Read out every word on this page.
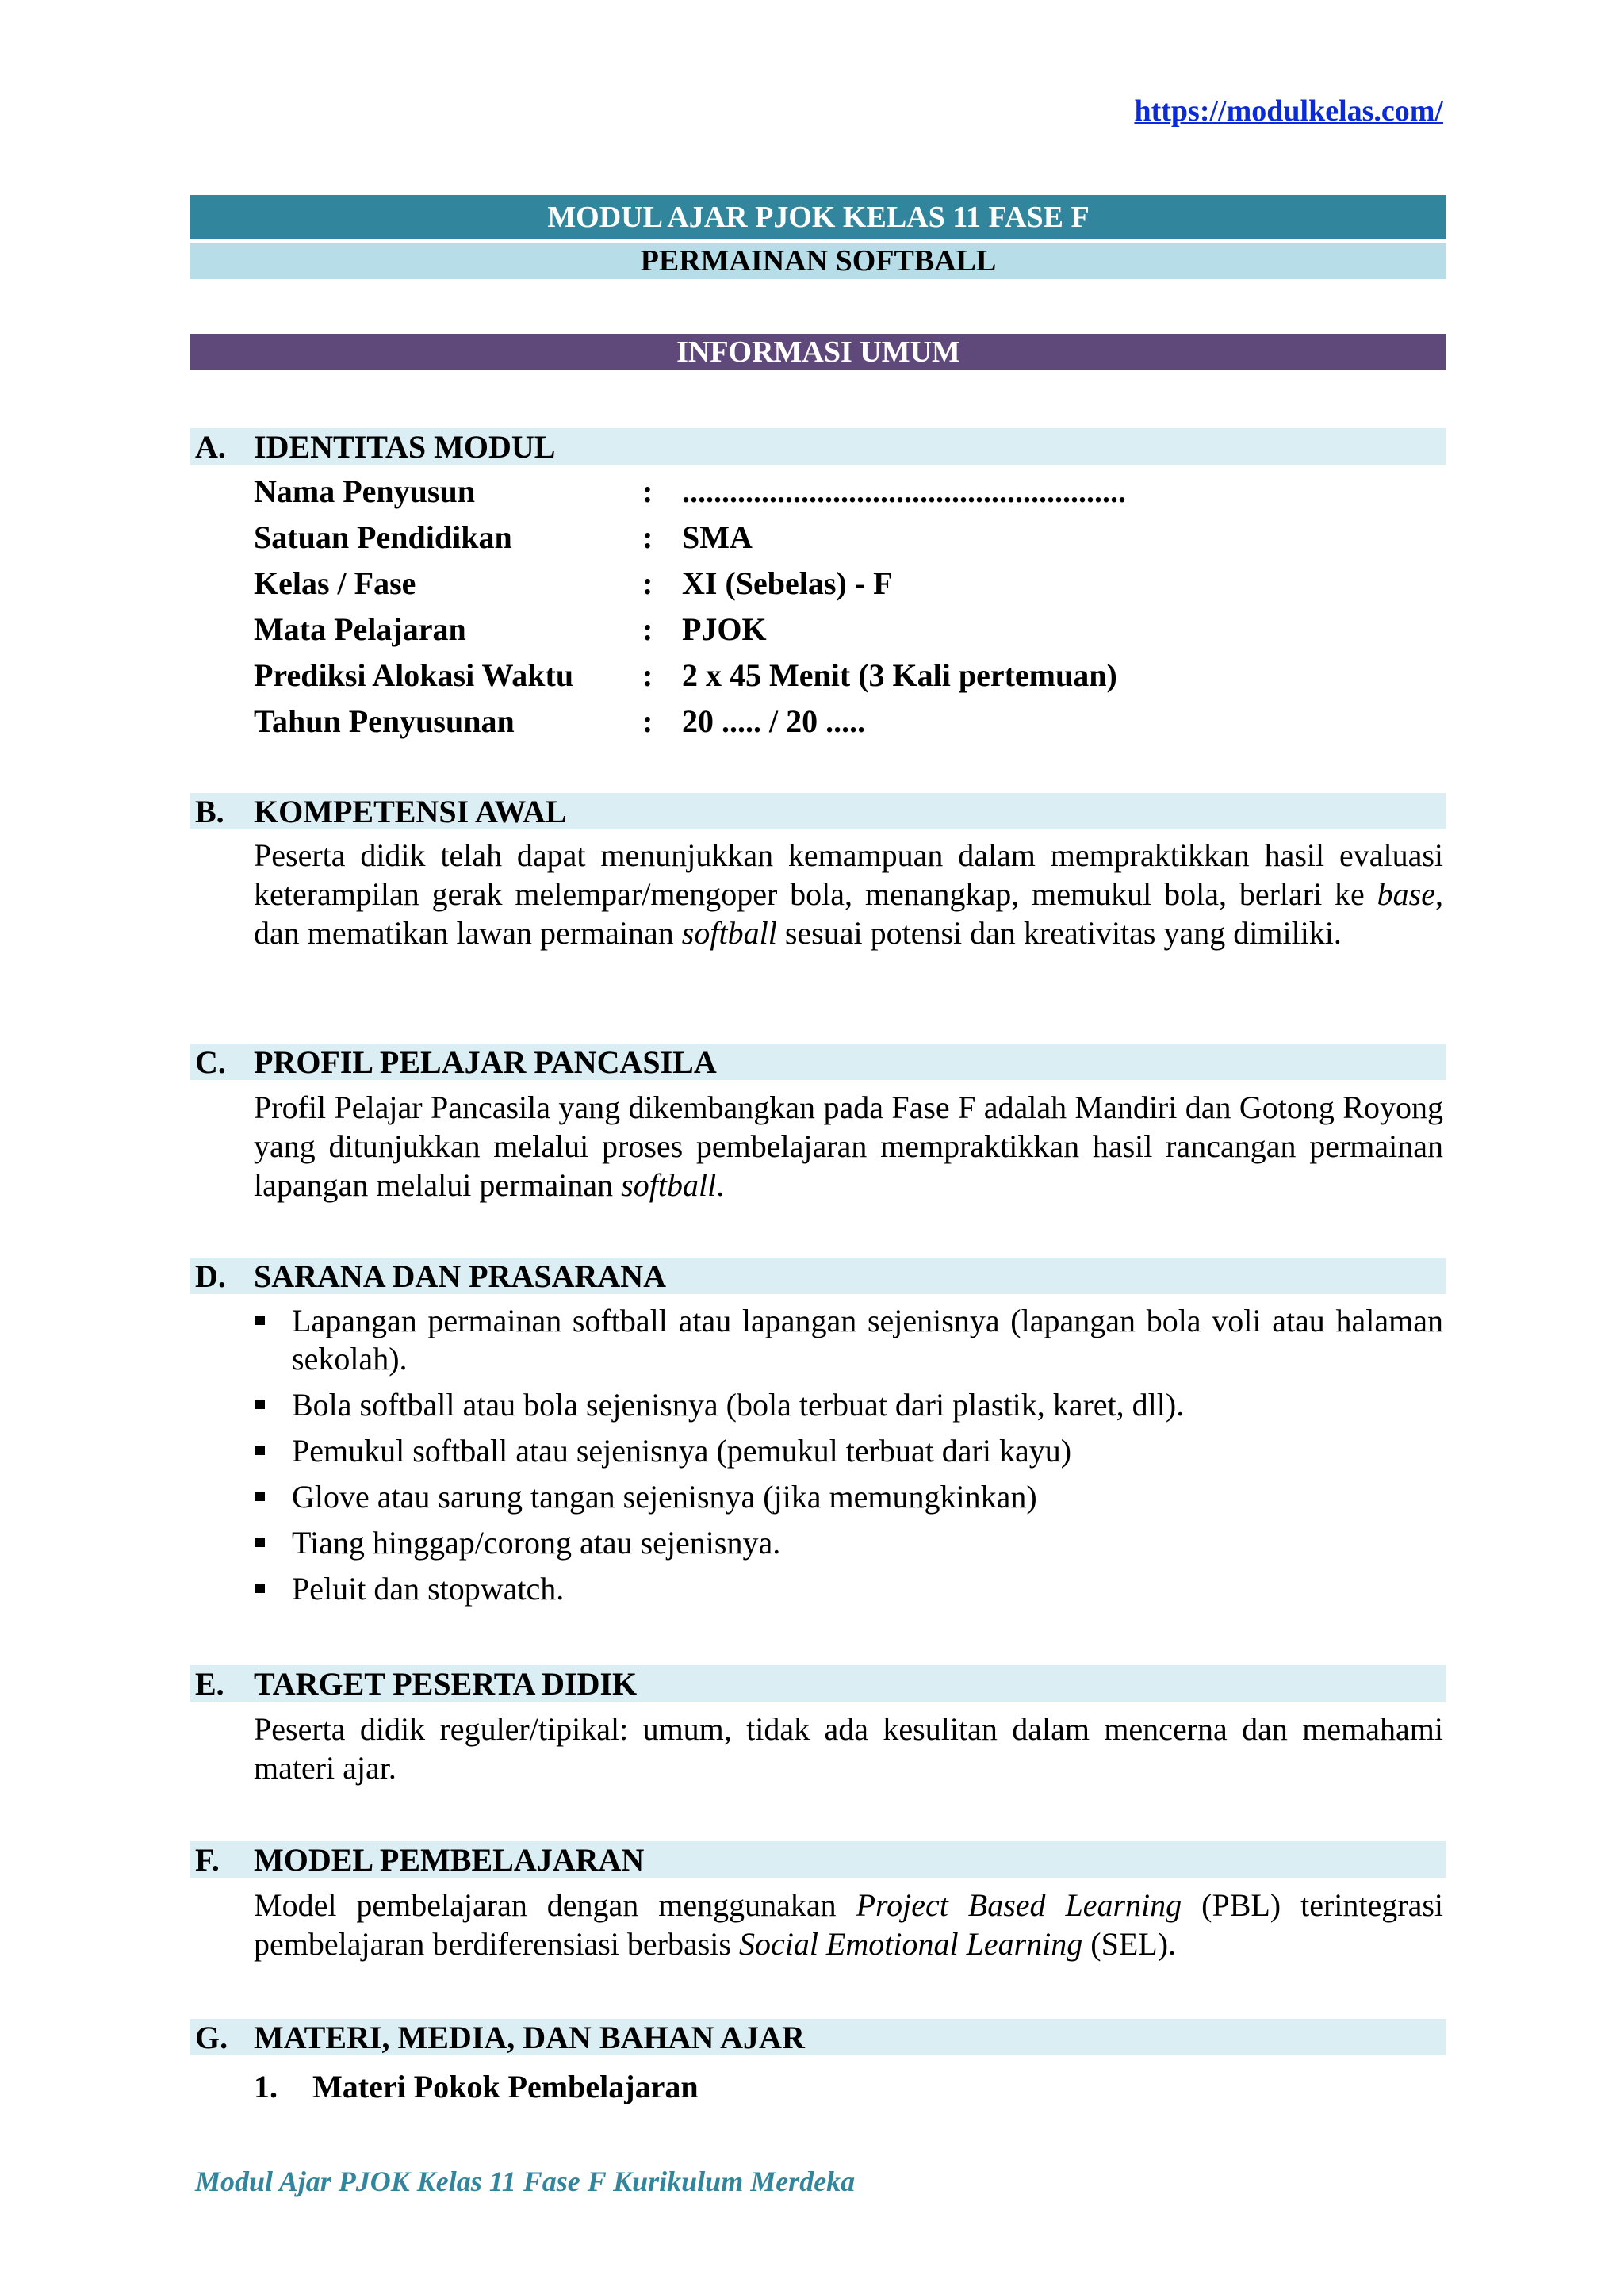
https://modulkelas.com/
MODUL AJAR PJOK KELAS 11 FASE F
PERMAINAN SOFTBALL
INFORMASI UMUM
A. IDENTITAS MODUL
Nama Penyusun	: ........................................................
Satuan Pendidikan	: SMA
Kelas / Fase	: XI (Sebelas) - F
Mata Pelajaran	: PJOK
Prediksi Alokasi Waktu : 2 x 45 Menit (3 Kali pertemuan)
Tahun Penyusunan	: 20 ..... / 20 .....
B. KOMPETENSI AWAL

Peserta didik telah dapat menunjukkan kemampuan dalam mempraktikkan hasil evaluasi keterampilan gerak melempar/mengoper bola, menangkap, memukul bola, berlari ke base, dan mematikan lawan permainan softball sesuai potensi dan kreativitas yang dimiliki.

C. PROFIL PELAJAR PANCASILA

Profil Pelajar Pancasila yang dikembangkan pada Fase F adalah Mandiri dan Gotong Royong yang ditunjukkan melalui proses pembelajaran mempraktikkan hasil rancangan permainan lapangan melalui permainan softball.

D. SARANA DAN PRASARANA
Lapangan permainan softball atau lapangan sejenisnya (lapangan bola voli atau halaman sekolah).
Bola softball atau bola sejenisnya (bola terbuat dari plastik, karet, dll).
Pemukul softball atau sejenisnya (pemukul terbuat dari kayu)
Glove atau sarung tangan sejenisnya (jika memungkinkan)
Tiang hinggap/corong atau sejenisnya.
Peluit dan stopwatch.
E. TARGET PESERTA DIDIK

Peserta didik reguler/tipikal: umum, tidak ada kesulitan dalam mencerna dan memahami materi ajar.

F. MODEL PEMBELAJARAN

Model pembelajaran dengan menggunakan Project Based Learning (PBL) terintegrasi pembelajaran berdiferensiasi berbasis Social Emotional Learning (SEL).

G. MATERI, MEDIA, DAN BAHAN AJAR
1. Materi Pokok Pembelajaran
Modul Ajar PJOK Kelas 11 Fase F Kurikulum Merdeka
